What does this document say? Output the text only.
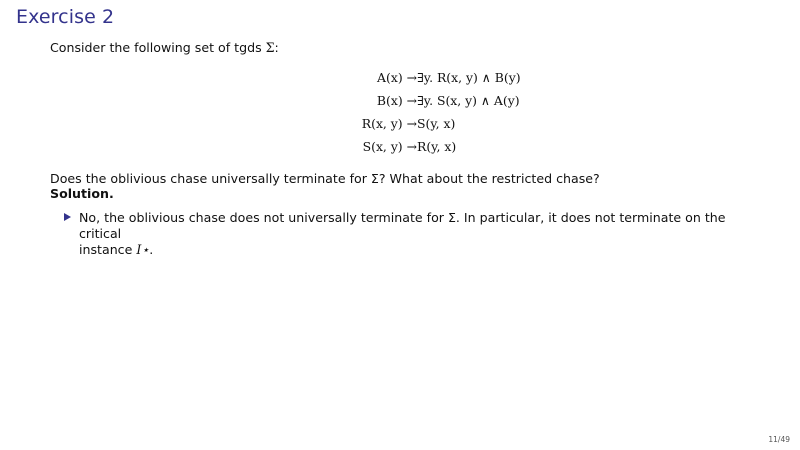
Exercise 2

Consider the following set of tgds Σ:

A(x) → ∃y. R(x, y) ∧ B(y)
B(x) → ∃y. S(x, y) ∧ A(y)
R(x, y) → S(y, x)
S(x, y) → R(y, x)
Does the oblivious chase universally terminate for Σ? What about the restricted chase?
Solution.
No, the oblivious chase does not universally terminate for Σ. In particular, it does not terminate on the critical
instance I⋆.
11/49
